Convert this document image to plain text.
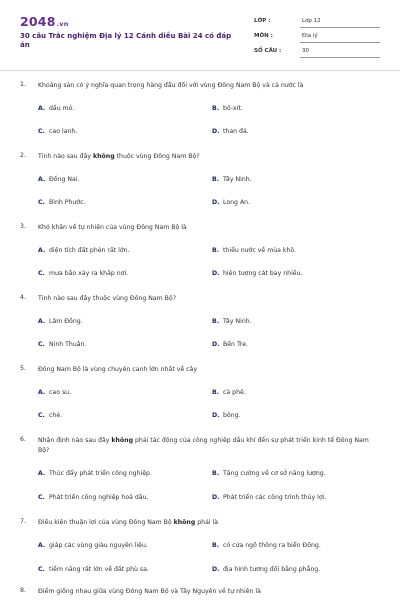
2048.vn
30 câu Trắc nghiệm Địa lý 12 Cánh diều Bài 24 có đáp án
LỚP :	Lớp 12
MÔN :	Địa lý
SỐ CÂU :	30
1. Khoáng sản có ý nghĩa quan trọng hàng đầu đối với vùng Đông Nam Bộ và cả nước là
A. dầu mỏ.	B. bô-xít.
C. cao lanh.	D. than đá.
2. Tỉnh nào sau đây không thuộc vùng Đông Nam Bộ?
A. Đồng Nai.	B. Tây Ninh.
C. Bình Phước.	D. Long An.
3. Khó khăn về tự nhiên của vùng Đông Nam Bộ là
A. diện tích đất phèn rất lớn.	B. thiếu nước về mùa khô.
C. mưa bão xảy ra khắp nơi.	D. hiện tượng cát bay nhiều.
4. Tỉnh nào sau đây thuộc vùng Đông Nam Bộ?
A. Lâm Đồng.	B. Tây Ninh.
C. Ninh Thuận.	D. Bến Tre.
5. Đông Nam Bộ là vùng chuyên canh lớn nhất về cây
A. cao su.	B. cà phê.
C. chè.	D. bông.
6. Nhận định nào sau đây không phải tác động của công nghiệp dầu khí đến sự phát triển kinh tế Đông Nam Bộ?
A. Thúc đẩy phát triển công nghiệp.	B. Tăng cường về cơ sở năng lượng.
C. Phát triển công nghiệp hoá dầu.	D. Phát triển các công trình thủy lợi.
7. Điều kiện thuận lợi của vùng Đông Nam Bộ không phải là
A. giáp các vùng giàu nguyên liệu.	B. có cửa ngõ thông ra biển Đông.
C. tiềm năng rất lớn về đất phù sa.	D. địa hình tương đối bằng phẳng.
8. Điểm giống nhau giữa vùng Đông Nam Bộ và Tây Nguyên về tự nhiên là
